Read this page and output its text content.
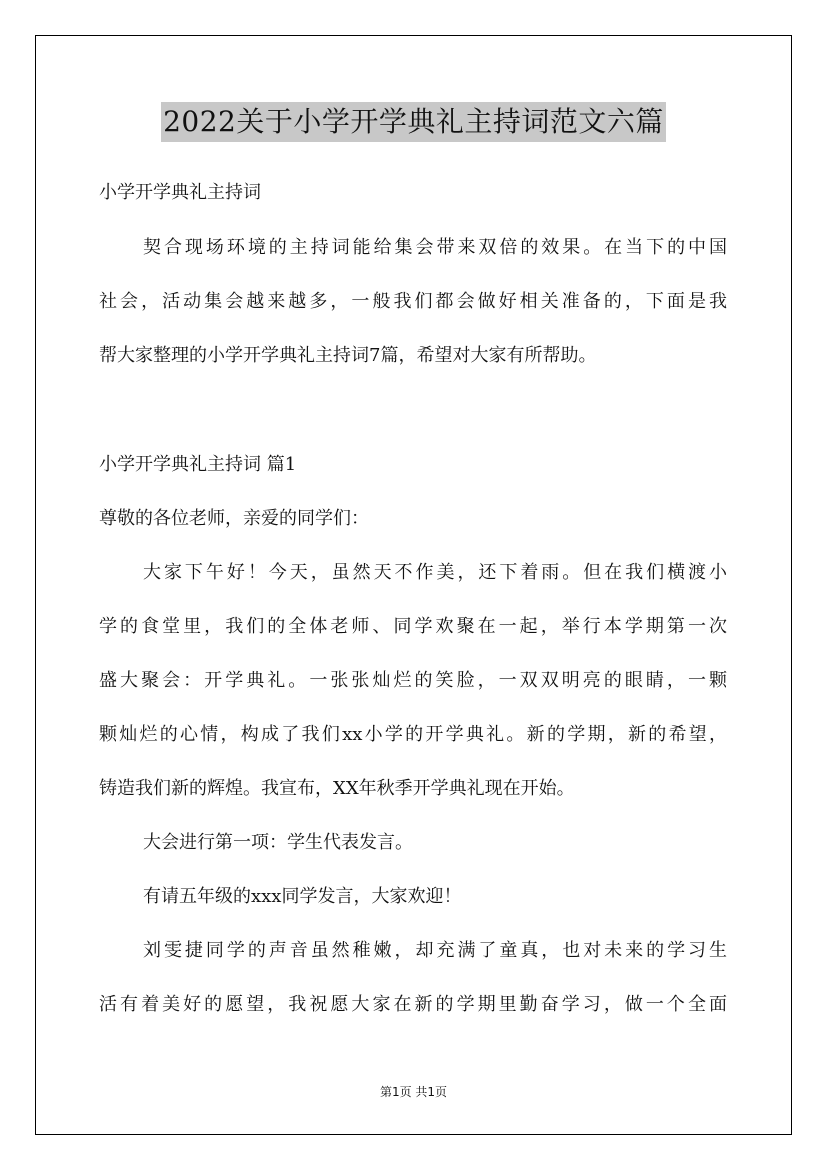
2022关于小学开学典礼主持词范文六篇
小学开学典礼主持词
契合现场环境的主持词能给集会带来双倍的效果。在当下的中国
社会，活动集会越来越多，一般我们都会做好相关准备的，下面是我
帮大家整理的小学开学典礼主持词7篇，希望对大家有所帮助。
小学开学典礼主持词 篇1
尊敬的各位老师，亲爱的同学们：
大家下午好！今天，虽然天不作美，还下着雨。但在我们横渡小
学的食堂里，我们的全体老师、同学欢聚在一起，举行本学期第一次
盛大聚会：开学典礼。一张张灿烂的笑脸，一双双明亮的眼睛，一颗
颗灿烂的心情，构成了我们xx小学的开学典礼。新的学期，新的希望，
铸造我们新的辉煌。我宣布，XX年秋季开学典礼现在开始。
大会进行第一项：学生代表发言。
有请五年级的xxx同学发言，大家欢迎！
刘雯捷同学的声音虽然稚嫩，却充满了童真，也对未来的学习生
活有着美好的愿望，我祝愿大家在新的学期里勤奋学习，做一个全面
第1页 共1页
